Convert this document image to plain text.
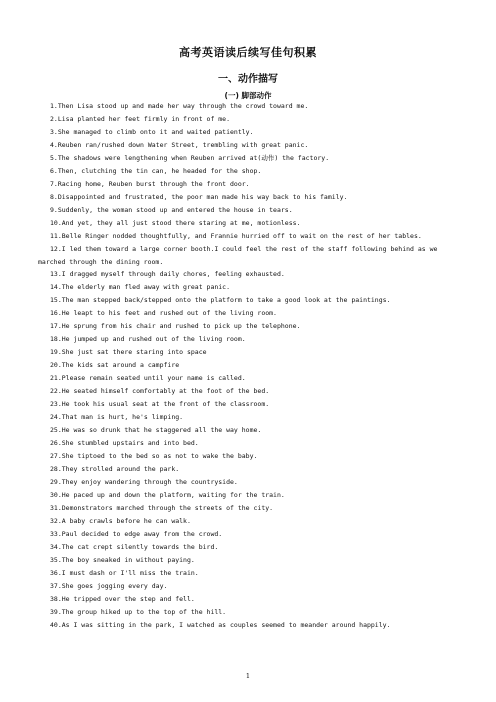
高考英语读后续写佳句积累
一、动作描写
(一) 脚部动作
1.Then Lisa stood up and made her way through the crowd toward me.
2.Lisa planted her feet firmly in front of me.
3.She managed to climb onto it and waited patiently.
4.Reuben ran/rushed down Water Street, trembling with great panic.
5.The shadows were lengthening when Reuben arrived at(动作) the factory.
6.Then, clutching the tin can, he headed for the shop.
7.Racing home, Reuben burst through the front door.
8.Disappointed and frustrated, the poor man made his way back to his family.
9.Suddenly, the woman stood up and entered the house in tears.
10.And yet, they all just stood there staring at me, motionless.
11.Belle Ringer nodded thoughtfully, and Frannie hurried off to wait on the rest of her tables.
12.I led them toward a large corner booth.I could feel the rest of the staff following behind as we marched through the dining room.
13.I dragged myself through daily chores, feeling exhausted.
14.The elderly man fled away with great panic.
15.The man stepped back/stepped onto the platform to take a good look at the paintings.
16.He leapt to his feet and rushed out of the living room.
17.He sprung from his chair and rushed to pick up the telephone.
18.He jumped up and rushed out of the living room.
19.She just sat there staring into space
20.The kids sat around a campfire
21.Please remain seated until your name is called.
22.He seated himself comfortably at the foot of the bed.
23.He took his usual seat at the front of the classroom.
24.That man is hurt, he's limping.
25.He was so drunk that he staggered all the way home.
26.She stumbled upstairs and into bed.
27.She tiptoed to the bed so as not to wake the baby.
28.They strolled around the park.
29.They enjoy wandering through the countryside.
30.He paced up and down the platform, waiting for the train.
31.Demonstrators marched through the streets of the city.
32.A baby crawls before he can walk.
33.Paul decided to edge away from the crowd.
34.The cat crept silently towards the bird.
35.The boy sneaked in without paying.
36.I must dash or I'll miss the train.
37.She goes jogging every day.
38.He tripped over the step and fell.
39.The group hiked up to the top of the hill.
40.As I was sitting in the park, I watched as couples seemed to meander around happily.
1
